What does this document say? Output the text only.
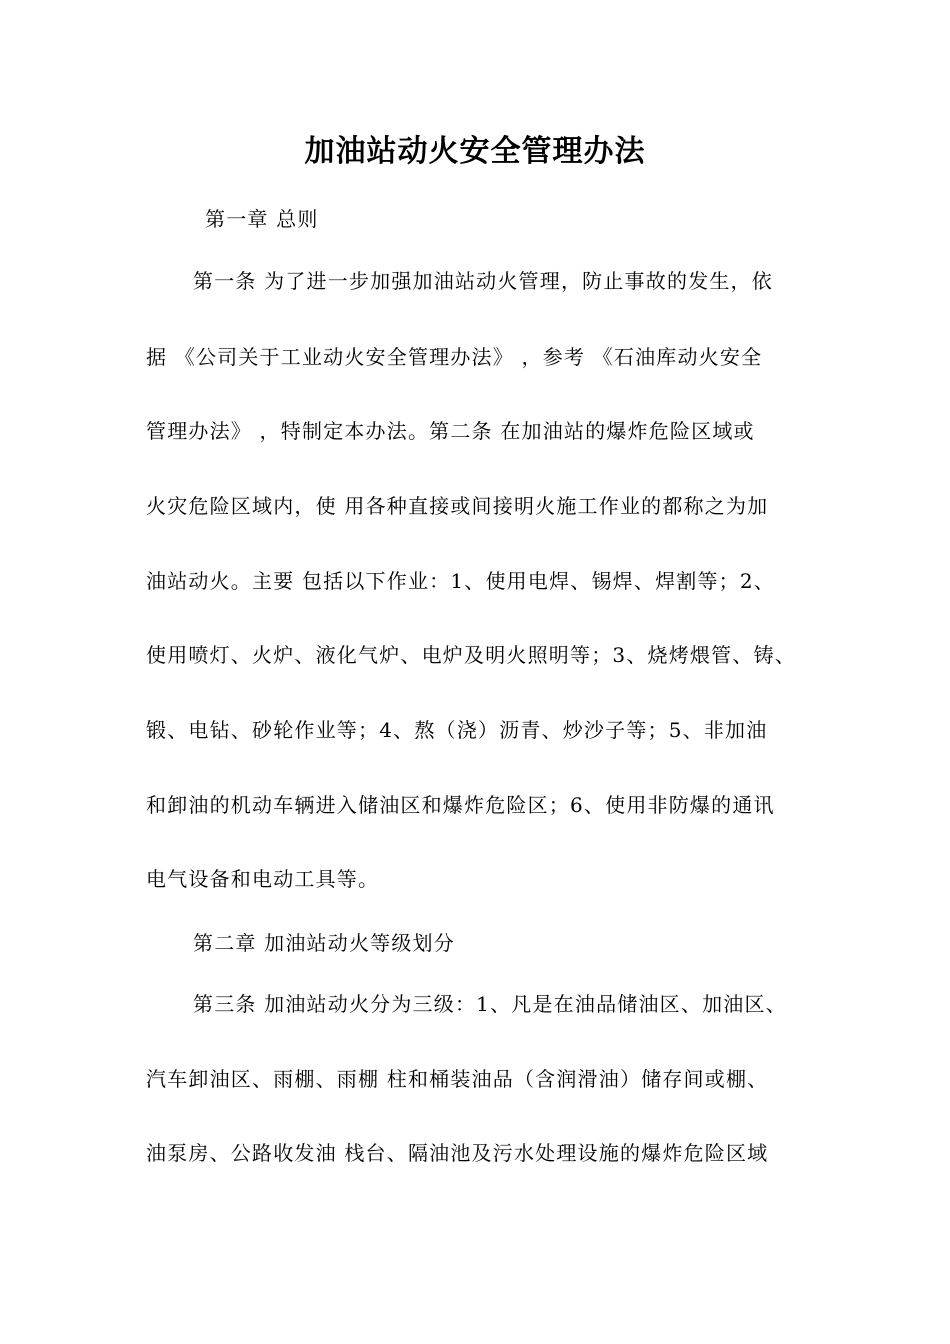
加油站动火安全管理办法
第一章 总则
第一条 为了进一步加强加油站动火管理，防止事故的发生，依
据 《公司关于工业动火安全管理办法》 ，参考 《石油库动火安全
管理办法》 ，特制定本办法。第二条 在加油站的爆炸危险区域或
火灾危险区域内，使 用各种直接或间接明火施工作业的都称之为加
油站动火。主要 包括以下作业：1、使用电焊、锡焊、焊割等；2、
使用喷灯、火炉、液化气炉、电炉及明火照明等；3、烧烤煨管、铸、
锻、电钻、砂轮作业等；4、熬（浇）沥青、炒沙子等；5、非加油
和卸油的机动车辆进入储油区和爆炸危险区；6、使用非防爆的通讯
电气设备和电动工具等。
第二章 加油站动火等级划分
第三条 加油站动火分为三级：1、凡是在油品储油区、加油区、
汽车卸油区、雨棚、雨棚 柱和桶装油品（含润滑油）储存间或棚、
油泵房、公路收发油 栈台、隔油池及污水处理设施的爆炸危险区域
